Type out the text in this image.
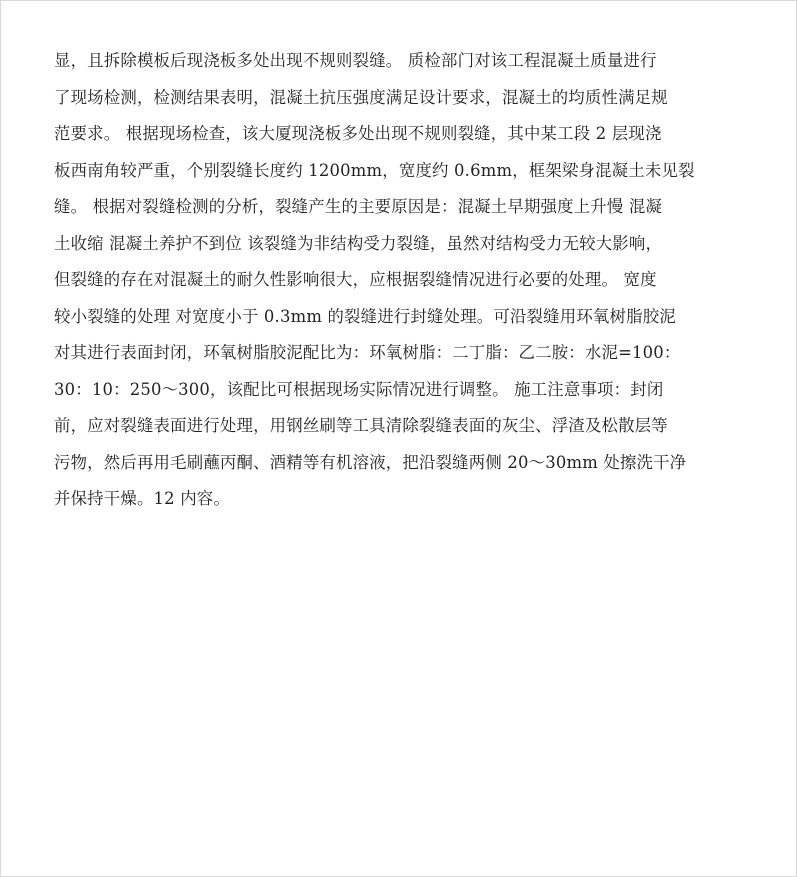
显，且拆除模板后现浇板多处出现不规则裂缝。 质检部门对该工程混凝土质量进行
了现场检测，检测结果表明，混凝土抗压强度满足设计要求，混凝土的均质性满足规
范要求。 根据现场检查，该大厦现浇板多处出现不规则裂缝，其中某工段 2 层现浇
板西南角较严重，个别裂缝长度约 1200mm，宽度约 0.6mm，框架梁身混凝土未见裂
缝。 根据对裂缝检测的分析，裂缝产生的主要原因是：混凝土早期强度上升慢 混凝
土收缩 混凝土养护不到位 该裂缝为非结构受力裂缝，虽然对结构受力无较大影响，
但裂缝的存在对混凝土的耐久性影响很大，应根据裂缝情况进行必要的处理。 宽度
较小裂缝的处理 对宽度小于 0.3mm 的裂缝进行封缝处理。可沿裂缝用环氧树脂胶泥
对其进行表面封闭，环氧树脂胶泥配比为：环氧树脂：二丁脂：乙二胺：水泥=100：
30：10：250～300，该配比可根据现场实际情况进行调整。 施工注意事项：封闭
前，应对裂缝表面进行处理，用钢丝刷等工具清除裂缝表面的灰尘、浮渣及松散层等
污物，然后再用毛刷蘸丙酮、酒精等有机溶液，把沿裂缝两侧 20～30mm 处擦洗干净
并保持干燥。12 内容。
